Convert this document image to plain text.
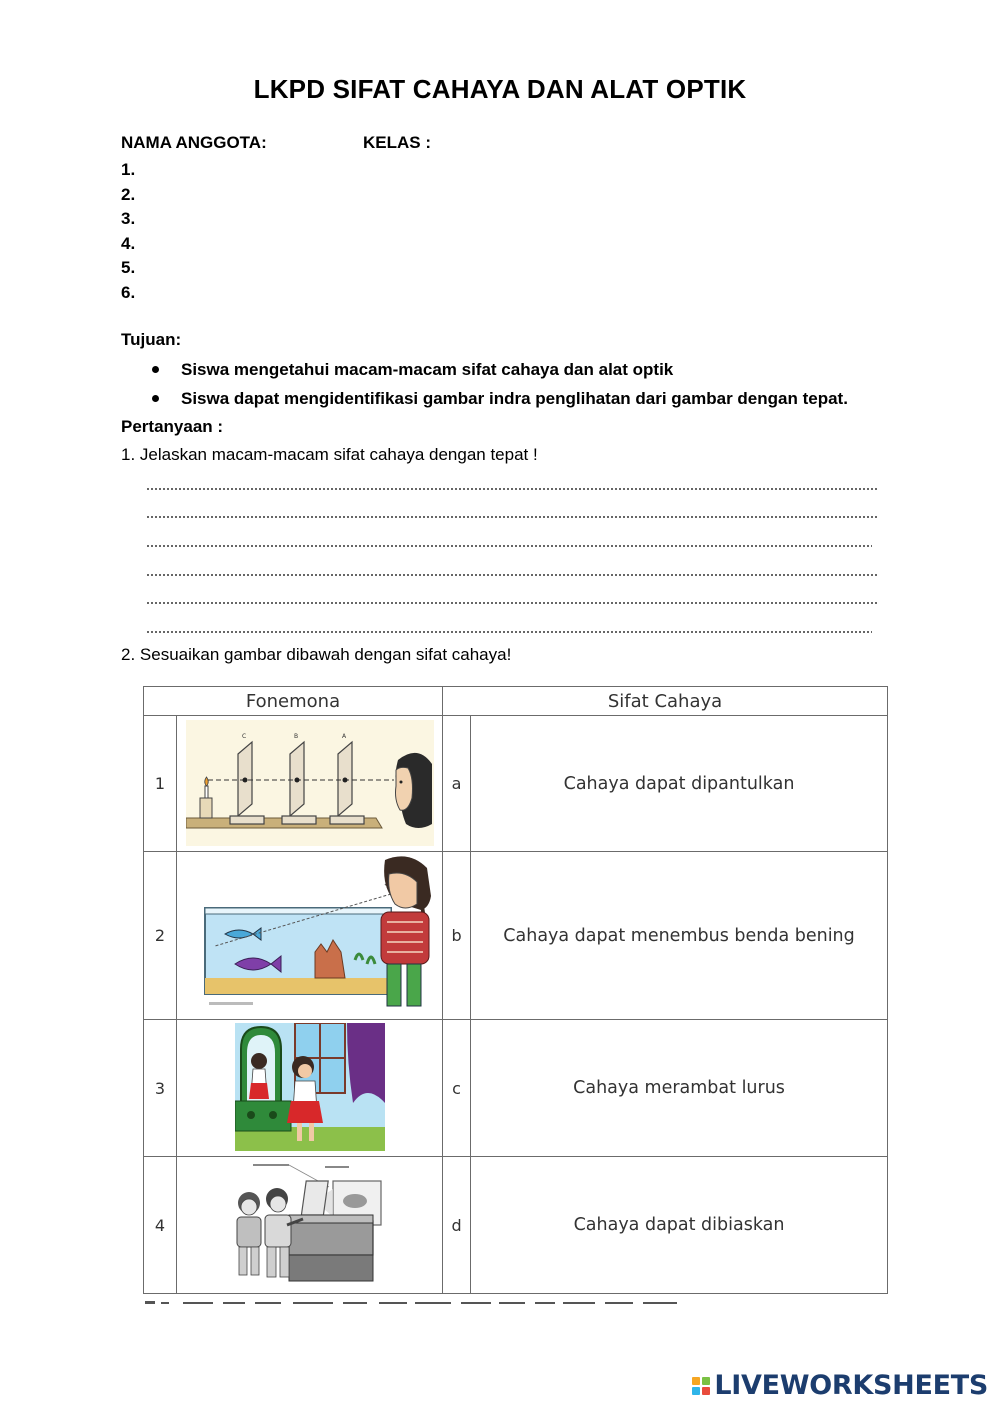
LKPD SIFAT CAHAYA DAN ALAT OPTIK
NAMA ANGGOTA:	KELAS :
1.
2.
3.
4.
5.
6.
Tujuan:
Siswa mengetahui macam-macam sifat cahaya dan alat optik
Siswa dapat mengidentifikasi gambar indra penglihatan dari gambar dengan tepat.
Pertanyaan :
1. Jelaskan macam-macam sifat cahaya dengan tepat !
2. Sesuaikan gambar dibawah dengan sifat cahaya!
Fonemona		Sifat Cahaya	
1	C B A	a	Cahaya dapat dipantulkan
2		b	Cahaya dapat menembus benda bening
3		c	Cahaya merambat lurus
4		d	Cahaya dapat dibiaskan
LIVEWORKSHEETS
